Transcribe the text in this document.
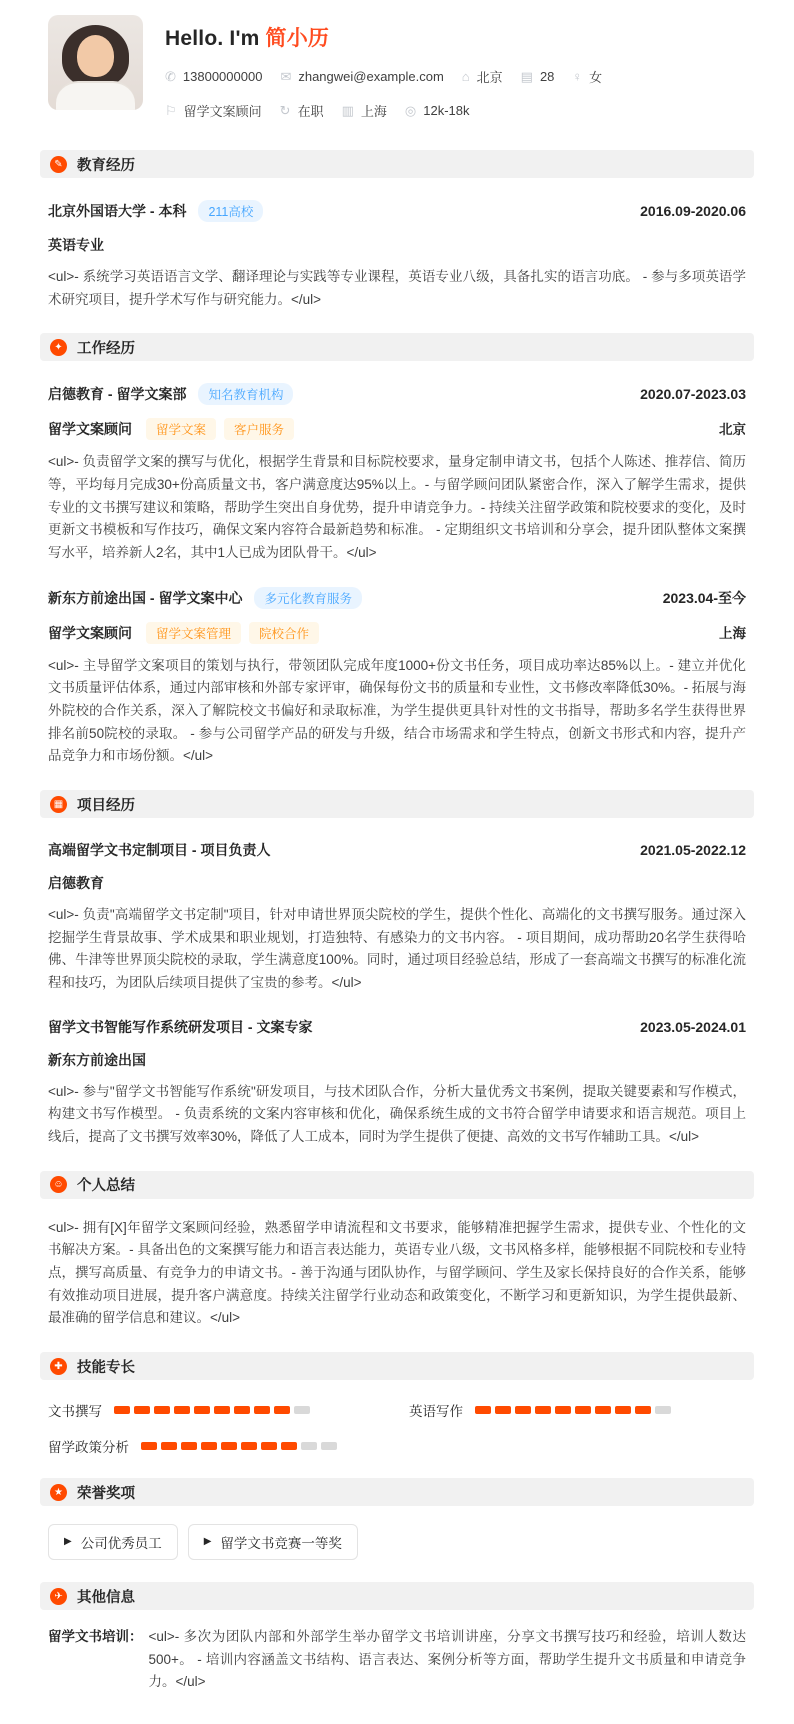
Hello. I'm 简小历
✆ 13800000000 ✉ zhangwei@example.com ⌂ 北京 ▤ 28 ♀ 女
⚐ 留学文案顾问 ↻ 在职 ▥ 上海 ◎ 12k-18k
✎ 教育经历
北京外国语大学 - 本科	211高校	2016.09-2020.06
英语专业
<ul>- 系统学习英语语言文学、翻译理论与实践等专业课程，英语专业八级，具备扎实的语言功底。 - 参与多项英语学术研究项目，提升学术写作与研究能力。</ul>
✦ 工作经历
启德教育 - 留学文案部	知名教育机构	2020.07-2023.03
留学文案顾问	留学文案	客户服务	北京
<ul>- 负责留学文案的撰写与优化，根据学生背景和目标院校要求，量身定制申请文书，包括个人陈述、推荐信、简历等，平均每月完成30+份高质量文书，客户满意度达95%以上。- 与留学顾问团队紧密合作，深入了解学生需求，提供专业的文书撰写建议和策略，帮助学生突出自身优势，提升申请竞争力。- 持续关注留学政策和院校要求的变化，及时更新文书模板和写作技巧，确保文案内容符合最新趋势和标准。 - 定期组织文书培训和分享会，提升团队整体文案撰写水平，培养新人2名，其中1人已成为团队骨干。</ul>
新东方前途出国 - 留学文案中心	多元化教育服务	2023.04-至今
留学文案顾问	留学文案管理	院校合作	上海
<ul>- 主导留学文案项目的策划与执行，带领团队完成年度1000+份文书任务，项目成功率达85%以上。- 建立并优化文书质量评估体系，通过内部审核和外部专家评审，确保每份文书的质量和专业性，文书修改率降低30%。- 拓展与海外院校的合作关系，深入了解院校文书偏好和录取标准，为学生提供更具针对性的文书指导，帮助多名学生获得世界排名前50院校的录取。 - 参与公司留学产品的研发与升级，结合市场需求和学生特点，创新文书形式和内容，提升产品竞争力和市场份额。</ul>
▦ 项目经历
高端留学文书定制项目 - 项目负责人	2021.05-2022.12
启德教育
<ul>- 负责"高端留学文书定制"项目，针对申请世界顶尖院校的学生，提供个性化、高端化的文书撰写服务。通过深入挖掘学生背景故事、学术成果和职业规划，打造独特、有感染力的文书内容。 - 项目期间，成功帮助20名学生获得哈佛、牛津等世界顶尖院校的录取，学生满意度100%。同时，通过项目经验总结，形成了一套高端文书撰写的标准化流程和技巧，为团队后续项目提供了宝贵的参考。</ul>
留学文书智能写作系统研发项目 - 文案专家	2023.05-2024.01
新东方前途出国
<ul>- 参与"留学文书智能写作系统"研发项目，与技术团队合作，分析大量优秀文书案例，提取关键要素和写作模式，构建文书写作模型。 - 负责系统的文案内容审核和优化，确保系统生成的文书符合留学申请要求和语言规范。项目上线后，提高了文书撰写效率30%，降低了人工成本，同时为学生提供了便捷、高效的文书写作辅助工具。</ul>
☺ 个人总结
<ul>- 拥有[X]年留学文案顾问经验，熟悉留学申请流程和文书要求，能够精准把握学生需求，提供专业、个性化的文书解决方案。- 具备出色的文案撰写能力和语言表达能力，英语专业八级，文书风格多样，能够根据不同院校和专业特点，撰写高质量、有竞争力的申请文书。- 善于沟通与团队协作，与留学顾问、学生及家长保持良好的合作关系，能够有效推动项目进展，提升客户满意度。持续关注留学行业动态和政策变化，不断学习和更新知识，为学生提供最新、最准确的留学信息和建议。</ul>
✚ 技能专长
文书撰写	英语写作
留学政策分析
★ 荣誉奖项
▶ 公司优秀员工	▶ 留学文书竞赛一等奖
✈ 其他信息
留学文书培训： <ul>- 多次为团队内部和外部学生举办留学文书培训讲座，分享文书撰写技巧和经验，培训人数达500+。 - 培训内容涵盖文书结构、语言表达、案例分析等方面，帮助学生提升文书质量和申请竞争力。</ul>
